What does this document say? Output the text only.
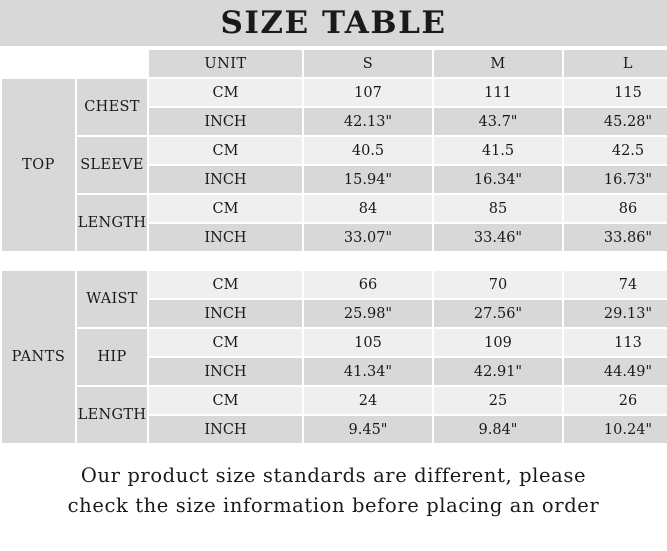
SIZE TABLE
		UNIT	S	M	L
TOP	CHEST	CM	107	111	115
		INCH	42.13"	43.7"	45.28"
	SLEEVE	CM	40.5	41.5	42.5
		INCH	15.94"	16.34"	16.73"
	LENGTH	CM	84	85	86
		INCH	33.07"	33.46"	33.86"
PANTS	WAIST	CM	66	70	74
		INCH	25.98"	27.56"	29.13"
	HIP	CM	105	109	113
		INCH	41.34"	42.91"	44.49"
	LENGTH	CM	24	25	26
		INCH	9.45"	9.84"	10.24"
Our product size standards are different, please
check the size information before placing an order
